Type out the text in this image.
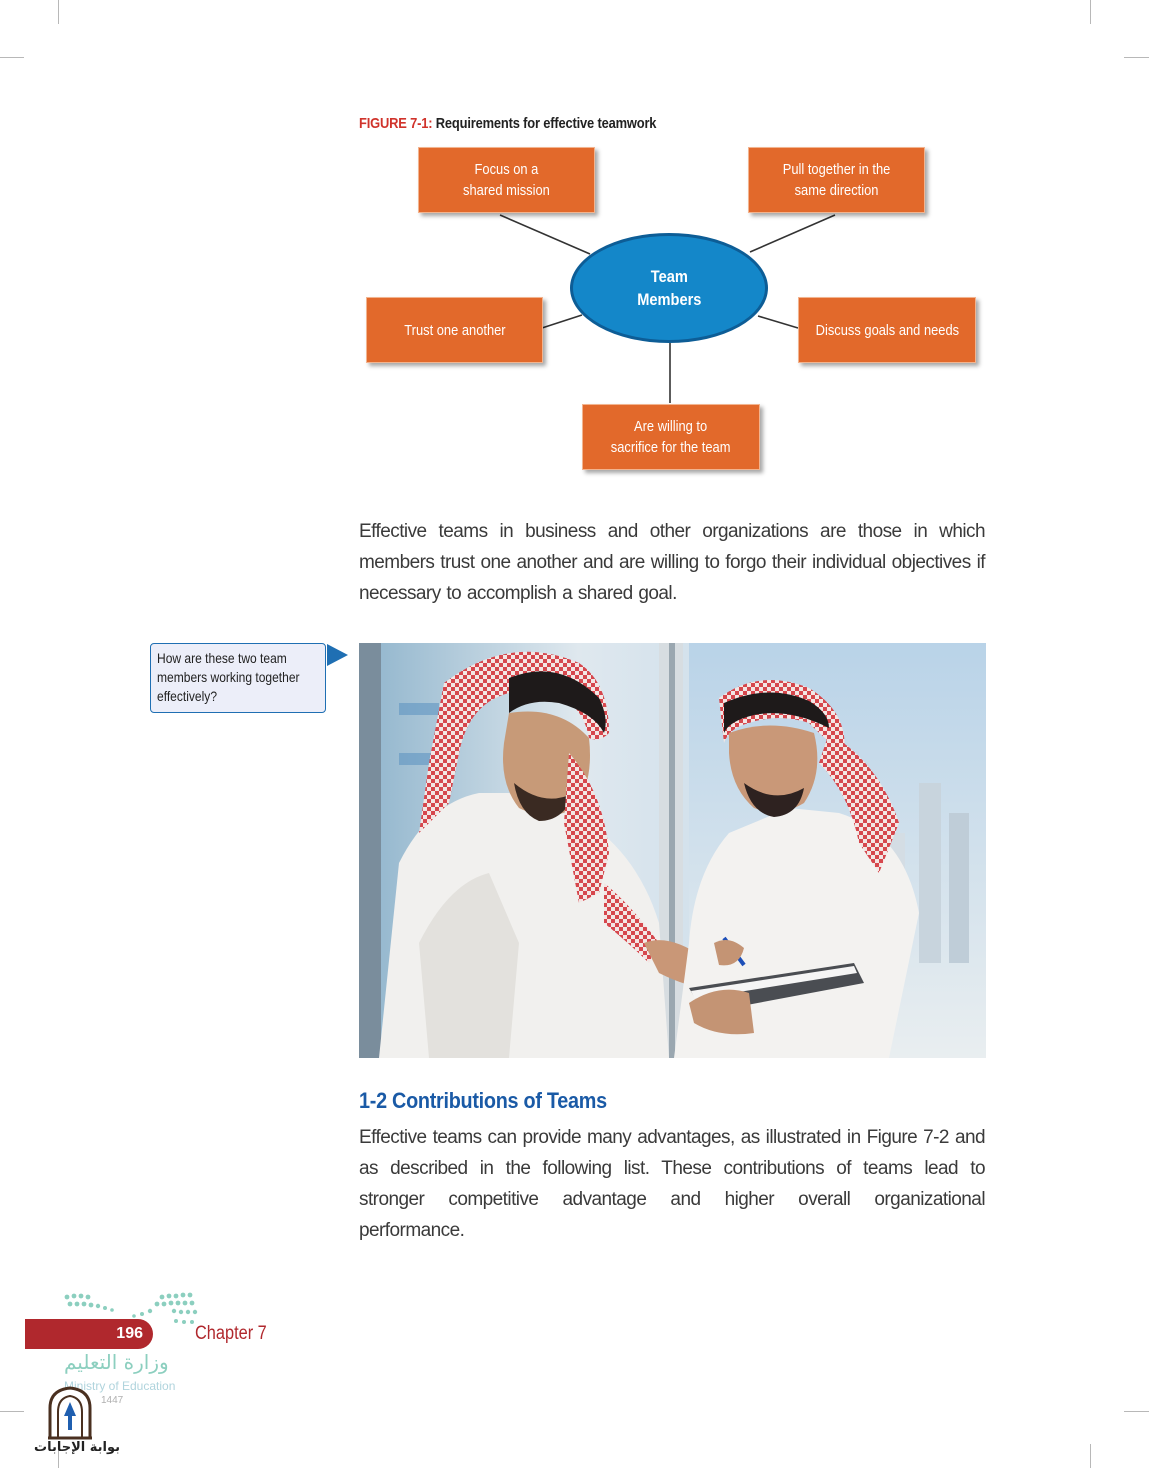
FIGURE 7-1: Requirements for effective teamwork
Focus on a
shared mission
Pull together in the
same direction
Trust one another	Discuss goals and needs
Are willing to
sacrifice for the team
Team
Members

Effective teams in business and other organizations are those in which members trust one another and are willing to forgo their individual objectives if necessary to accomplish a shared goal.

How are these two team members working together effectively?
1-2 Contributions of Teams

Effective teams can provide many advantages, as illustrated in Figure 7-2 and as described in the following list. These contributions of teams lead to stronger competitive advantage and higher overall organizational performance.

196	Chapter 7
وزارة التعليم
Ministry of Education
1447
بوابة الإجابات
